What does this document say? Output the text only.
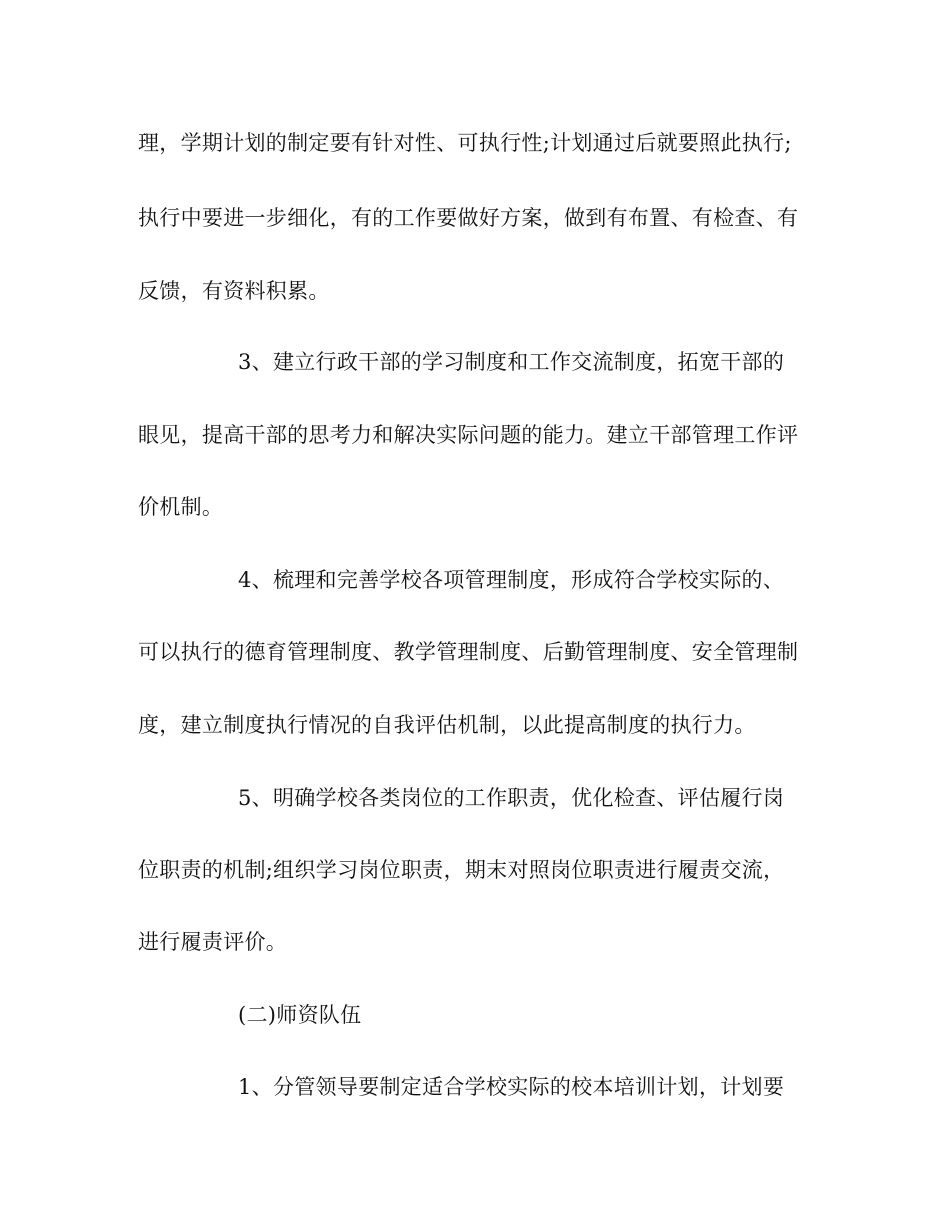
理，学期计划的制定要有针对性、可执行性;计划通过后就要照此执行;
执行中要进一步细化，有的工作要做好方案，做到有布置、有检查、有
反馈，有资料积累。
3、建立行政干部的学习制度和工作交流制度，拓宽干部的
眼见，提高干部的思考力和解决实际问题的能力。建立干部管理工作评
价机制。
4、梳理和完善学校各项管理制度，形成符合学校实际的、
可以执行的德育管理制度、教学管理制度、后勤管理制度、安全管理制
度，建立制度执行情况的自我评估机制，以此提高制度的执行力。
5、明确学校各类岗位的工作职责，优化检查、评估履行岗
位职责的机制;组织学习岗位职责，期末对照岗位职责进行履责交流，
进行履责评价。
(二)师资队伍
1、分管领导要制定适合学校实际的校本培训计划，计划要
